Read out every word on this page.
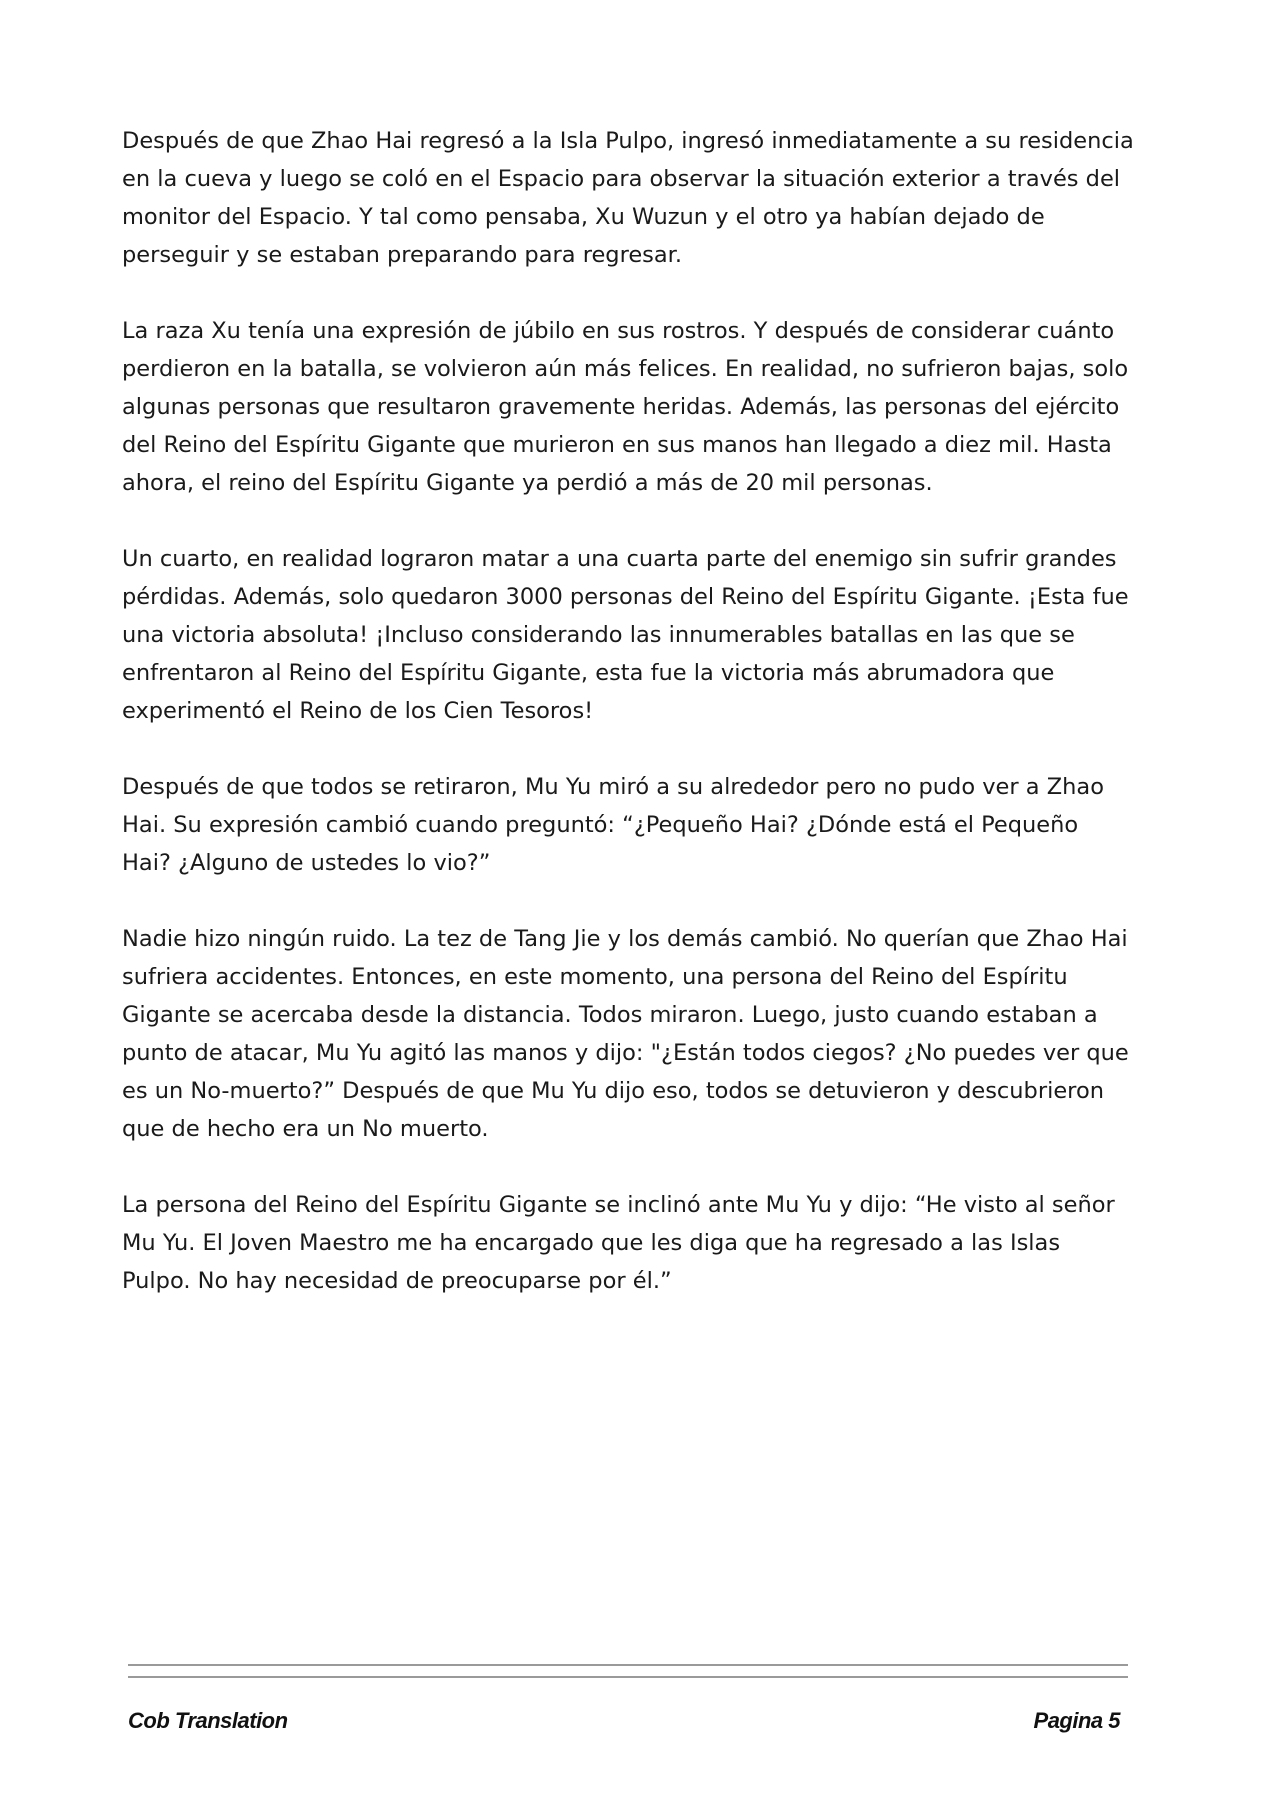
Después de que Zhao Hai regresó a la Isla Pulpo, ingresó inmediatamente a su residencia en la cueva y luego se coló en el Espacio para observar la situación exterior a través del monitor del Espacio. Y tal como pensaba, Xu Wuzun y el otro ya habían dejado de perseguir y se estaban preparando para regresar.

La raza Xu tenía una expresión de júbilo en sus rostros. Y después de considerar cuánto perdieron en la batalla, se volvieron aún más felices. En realidad, no sufrieron bajas, solo algunas personas que resultaron gravemente heridas. Además, las personas del ejército del Reino del Espíritu Gigante que murieron en sus manos han llegado a diez mil. Hasta ahora, el reino del Espíritu Gigante ya perdió a más de 20 mil personas.

Un cuarto, en realidad lograron matar a una cuarta parte del enemigo sin sufrir grandes pérdidas. Además, solo quedaron 3000 personas del Reino del Espíritu Gigante. ¡Esta fue una victoria absoluta! ¡Incluso considerando las innumerables batallas en las que se enfrentaron al Reino del Espíritu Gigante, esta fue la victoria más abrumadora que experimentó el Reino de los Cien Tesoros!

Después de que todos se retiraron, Mu Yu miró a su alrededor pero no pudo ver a Zhao Hai. Su expresión cambió cuando preguntó: “¿Pequeño Hai? ¿Dónde está el Pequeño Hai? ¿Alguno de ustedes lo vio?”

Nadie hizo ningún ruido. La tez de Tang Jie y los demás cambió. No querían que Zhao Hai sufriera accidentes. Entonces, en este momento, una persona del Reino del Espíritu Gigante se acercaba desde la distancia. Todos miraron. Luego, justo cuando estaban a punto de atacar, Mu Yu agitó las manos y dijo: "¿Están todos ciegos? ¿No puedes ver que es un No-muerto?” Después de que Mu Yu dijo eso, todos se detuvieron y descubrieron que de hecho era un No muerto.

La persona del Reino del Espíritu Gigante se inclinó ante Mu Yu y dijo: “He visto al señor Mu Yu. El Joven Maestro me ha encargado que les diga que ha regresado a las Islas Pulpo. No hay necesidad de preocuparse por él.”

Cob Translation	Pagina 5
